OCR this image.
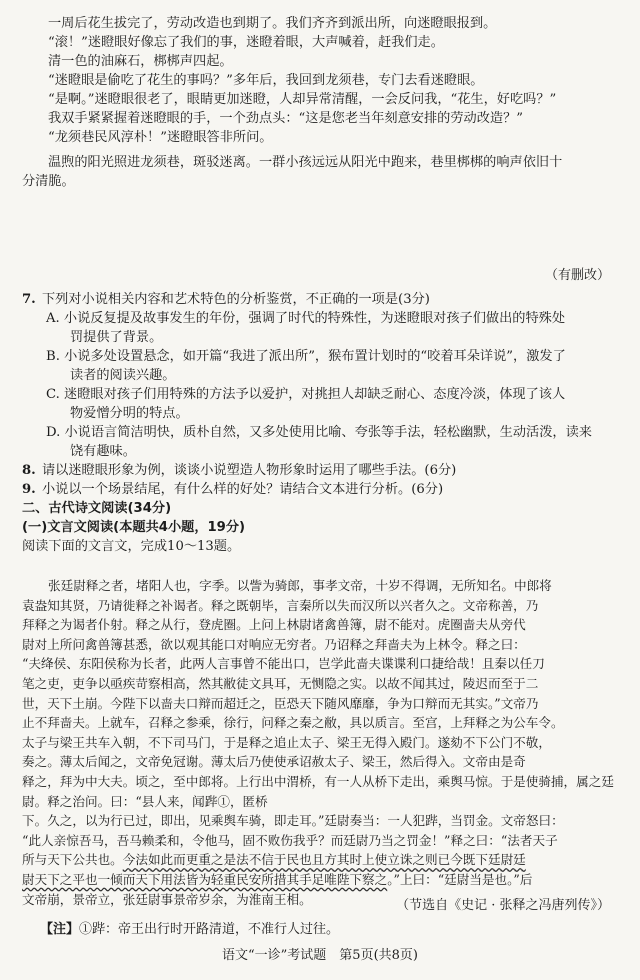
一周后花生拔完了，劳动改造也到期了。我们齐齐到派出所，向迷瞪眼报到。

“滚！”迷瞪眼好像忘了我们的事，迷瞪着眼，大声喊着，赶我们走。

清一色的油麻石，梆梆声四起。

“迷瞪眼是偷吃了花生的事吗？”多年后，我回到龙须巷，专门去看迷瞪眼。

“是啊。”迷瞪眼很老了，眼睛更加迷瞪，人却异常清醒，一会反问我，“花生，好吃吗？”

我双手紧紧握着迷瞪眼的手，一个劲点头：“这是您老当年刻意安排的劳动改造？”

“龙须巷民风淳朴！”迷瞪眼答非所问。

温煦的阳光照进龙须巷，斑驳迷离。一群小孩远远从阳光中跑来，巷里梆梆的响声依旧十

分清脆。

（有删改）

7. 下列对小说相关内容和艺术特色的分析鉴赏，不正确的一项是(3分)

A. 小说反复提及故事发生的年份，强调了时代的特殊性，为迷瞪眼对孩子们做出的特殊处

罚提供了背景。

B. 小说多处设置悬念，如开篇“我进了派出所”，猴布置计划时的“咬着耳朵详说”，激发了

读者的阅读兴趣。

C. 迷瞪眼对孩子们用特殊的方法予以爱护，对挑担人却缺乏耐心、态度冷淡，体现了该人

物爱憎分明的特点。

D. 小说语言简洁明快，质朴自然，又多处使用比喻、夸张等手法，轻松幽默，生动活泼，读来

饶有趣味。

8. 请以迷瞪眼形象为例，谈谈小说塑造人物形象时运用了哪些手法。(6分)

9. 小说以一个场景结尾，有什么样的好处？请结合文本进行分析。(6分)

二、古代诗文阅读(34分)

(一)文言文阅读(本题共4小题，19分)

阅读下面的文言文，完成10～13题。

张廷尉释之者，堵阳人也，字季。以訾为骑郎，事孝文帝，十岁不得调，无所知名。中郎将

袁盎知其贤，乃请徙释之补谒者。释之既朝毕，言秦所以失而汉所以兴者久之。文帝称善，乃

拜释之为谒者仆射。释之从行，登虎圈。上问上林尉诸禽兽簿，尉不能对。虎圈啬夫从旁代

尉对上所问禽兽簿甚悉，欲以观其能口对响应无穷者。乃诏释之拜啬夫为上林令。释之曰：

“夫绛侯、东阳侯称为长者，此两人言事曾不能出口，岂学此啬夫谍谍利口捷给哉！且秦以任刀

笔之吏，吏争以亟疾苛察相高，然其敝徒文具耳，无恻隐之实。以故不闻其过，陵迟而至于二

世，天下土崩。今陛下以啬夫口辩而超迁之，臣恐天下随风靡靡，争为口辩而无其实。”文帝乃

止不拜啬夫。上就车，召释之参乘，徐行，问释之秦之敝，具以质言。至宫，上拜释之为公车令。

太子与梁王共车入朝，不下司马门，于是释之追止太子、梁王无得入殿门。遂劾不下公门不敬，

奏之。薄太后闻之，文帝免冠谢。薄太后乃使使承诏赦太子、梁王，然后得入。文帝由是奇

释之，拜为中大夫。顷之，至中郎将。上行出中渭桥，有一人从桥下走出，乘舆马惊。于是使骑捕，属之廷尉。释之治问。曰：“县人来，闻跸①，匿桥

下。久之，以为行已过，即出，见乘舆车骑，即走耳。”廷尉奏当：一人犯跸，当罚金。文帝怒曰：

“此人亲惊吾马，吾马赖柔和，令他马，固不败伤我乎？而廷尉乃当之罚金！”释之曰：“法者天子

所与天下公共也。今法如此而更重之是法不信于民也且方其时上使立诛之则已今既下廷尉廷

尉天下之平也一倾而天下用法皆为轻重民安所措其手足唯陛下察之。”上曰：“廷尉当是也。”后

文帝崩，景帝立，张廷尉事景帝岁余，为淮南王相。	（节选自《史记 · 张释之冯唐列传》）
【注】①跸：帝王出行时开路清道，不准行人过往。
语文“一诊”考试题　第5页(共8页)
